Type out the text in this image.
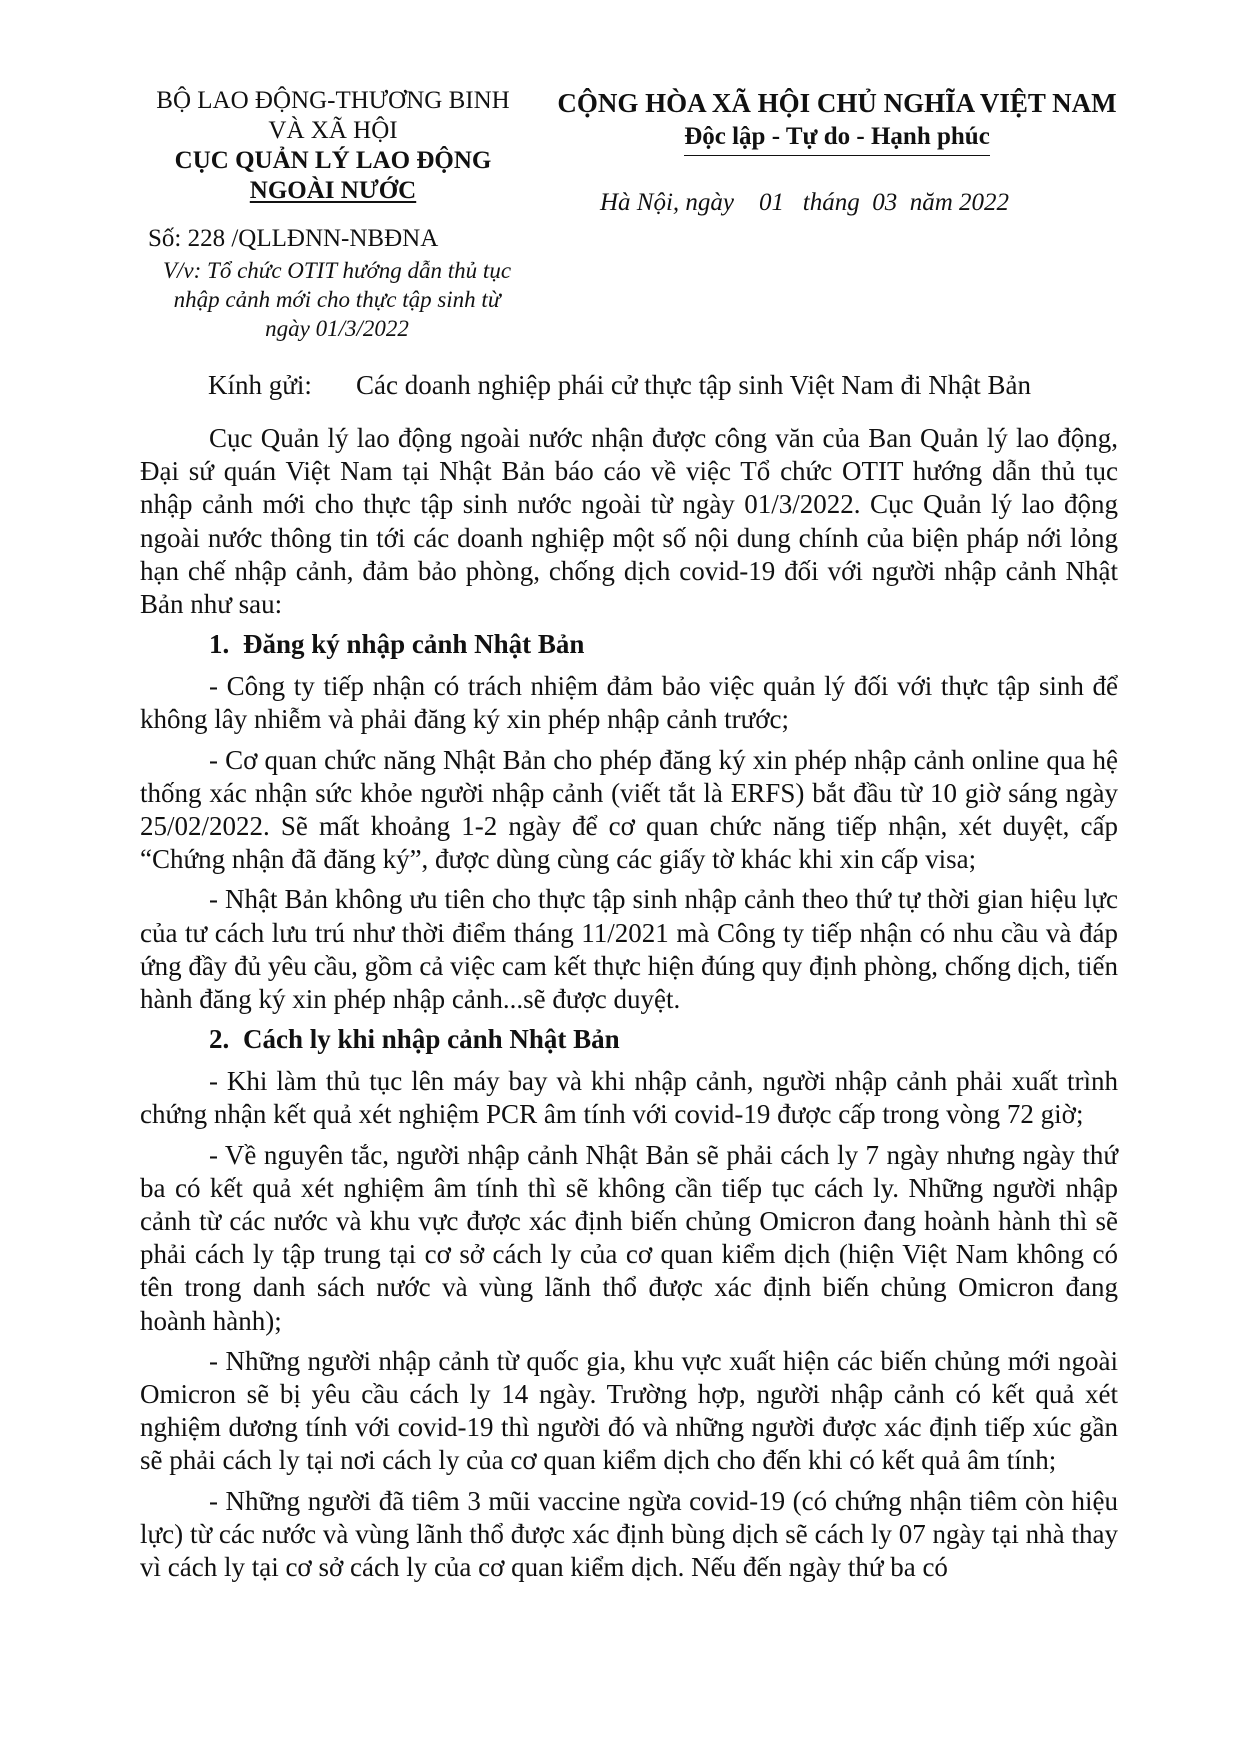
BỘ LAO ĐỘNG-THƯƠNG BINH
VÀ XÃ HỘI
CỤC QUẢN LÝ LAO ĐỘNG
NGOÀI NƯỚC
Số: 228 /QLLĐNN-NBĐNA
V/v: Tổ chức OTIT hướng dẫn thủ tục
nhập cảnh mới cho thực tập sinh từ
ngày 01/3/2022
CỘNG HÒA XÃ HỘI CHỦ NGHĨA VIỆT NAM
Độc lập - Tự do - Hạnh phúc
Hà Nội, ngày    01   tháng  03  năm 2022
Kính gửi: Các doanh nghiệp phái cử thực tập sinh Việt Nam đi Nhật Bản

Cục Quản lý lao động ngoài nước nhận được công văn của Ban Quản lý lao động, Đại sứ quán Việt Nam tại Nhật Bản báo cáo về việc Tổ chức OTIT hướng dẫn thủ tục nhập cảnh mới cho thực tập sinh nước ngoài từ ngày 01/3/2022. Cục Quản lý lao động ngoài nước thông tin tới các doanh nghiệp một số nội dung chính của biện pháp nới lỏng hạn chế nhập cảnh, đảm bảo phòng, chống dịch covid-19 đối với người nhập cảnh Nhật Bản như sau:

1. Đăng ký nhập cảnh Nhật Bản

- Công ty tiếp nhận có trách nhiệm đảm bảo việc quản lý đối với thực tập sinh để không lây nhiễm và phải đăng ký xin phép nhập cảnh trước;

- Cơ quan chức năng Nhật Bản cho phép đăng ký xin phép nhập cảnh online qua hệ thống xác nhận sức khỏe người nhập cảnh (viết tắt là ERFS) bắt đầu từ 10 giờ sáng ngày 25/02/2022. Sẽ mất khoảng 1-2 ngày để cơ quan chức năng tiếp nhận, xét duyệt, cấp “Chứng nhận đã đăng ký”, được dùng cùng các giấy tờ khác khi xin cấp visa;

- Nhật Bản không ưu tiên cho thực tập sinh nhập cảnh theo thứ tự thời gian hiệu lực của tư cách lưu trú như thời điểm tháng 11/2021 mà Công ty tiếp nhận có nhu cầu và đáp ứng đầy đủ yêu cầu, gồm cả việc cam kết thực hiện đúng quy định phòng, chống dịch, tiến hành đăng ký xin phép nhập cảnh...sẽ được duyệt.

2. Cách ly khi nhập cảnh Nhật Bản

- Khi làm thủ tục lên máy bay và khi nhập cảnh, người nhập cảnh phải xuất trình chứng nhận kết quả xét nghiệm PCR âm tính với covid-19 được cấp trong vòng 72 giờ;

- Về nguyên tắc, người nhập cảnh Nhật Bản sẽ phải cách ly 7 ngày nhưng ngày thứ ba có kết quả xét nghiệm âm tính thì sẽ không cần tiếp tục cách ly. Những người nhập cảnh từ các nước và khu vực được xác định biến chủng Omicron đang hoành hành thì sẽ phải cách ly tập trung tại cơ sở cách ly của cơ quan kiểm dịch (hiện Việt Nam không có tên trong danh sách nước và vùng lãnh thổ được xác định biến chủng Omicron đang hoành hành);

- Những người nhập cảnh từ quốc gia, khu vực xuất hiện các biến chủng mới ngoài Omicron sẽ bị yêu cầu cách ly 14 ngày. Trường hợp, người nhập cảnh có kết quả xét nghiệm dương tính với covid-19 thì người đó và những người được xác định tiếp xúc gần sẽ phải cách ly tại nơi cách ly của cơ quan kiểm dịch cho đến khi có kết quả âm tính;

- Những người đã tiêm 3 mũi vaccine ngừa covid-19 (có chứng nhận tiêm còn hiệu lực) từ các nước và vùng lãnh thổ được xác định bùng dịch sẽ cách ly 07 ngày tại nhà thay vì cách ly tại cơ sở cách ly của cơ quan kiểm dịch. Nếu đến ngày thứ ba có
